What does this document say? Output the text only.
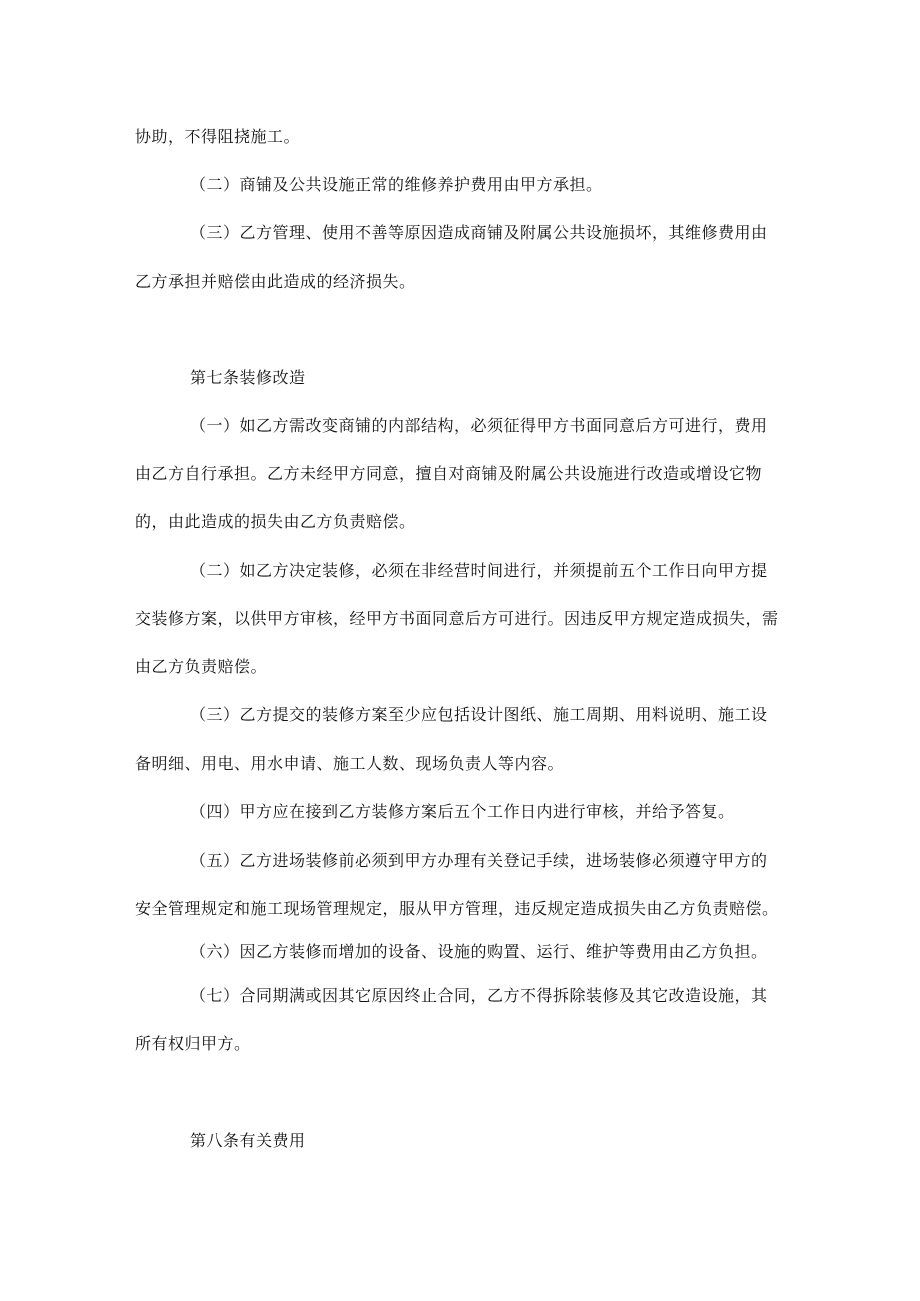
协助，不得阻挠施工。
（二）商铺及公共设施正常的维修养护费用由甲方承担。
（三）乙方管理、使用不善等原因造成商铺及附属公共设施损坏，其维修费用由
乙方承担并赔偿由此造成的经济损失。
第七条装修改造
（一）如乙方需改变商铺的内部结构，必须征得甲方书面同意后方可进行，费用
由乙方自行承担。乙方未经甲方同意，擅自对商铺及附属公共设施进行改造或增设它物
的，由此造成的损失由乙方负责赔偿。
（二）如乙方决定装修，必须在非经营时间进行，并须提前五个工作日向甲方提
交装修方案，以供甲方审核，经甲方书面同意后方可进行。因违反甲方规定造成损失，需
由乙方负责赔偿。
（三）乙方提交的装修方案至少应包括设计图纸、施工周期、用料说明、施工设
备明细、用电、用水申请、施工人数、现场负责人等内容。
（四）甲方应在接到乙方装修方案后五个工作日内进行审核，并给予答复。
（五）乙方进场装修前必须到甲方办理有关登记手续，进场装修必须遵守甲方的
安全管理规定和施工现场管理规定，服从甲方管理，违反规定造成损失由乙方负责赔偿。
（六）因乙方装修而增加的设备、设施的购置、运行、维护等费用由乙方负担。
（七）合同期满或因其它原因终止合同，乙方不得拆除装修及其它改造设施，其
所有权归甲方。
第八条有关费用
